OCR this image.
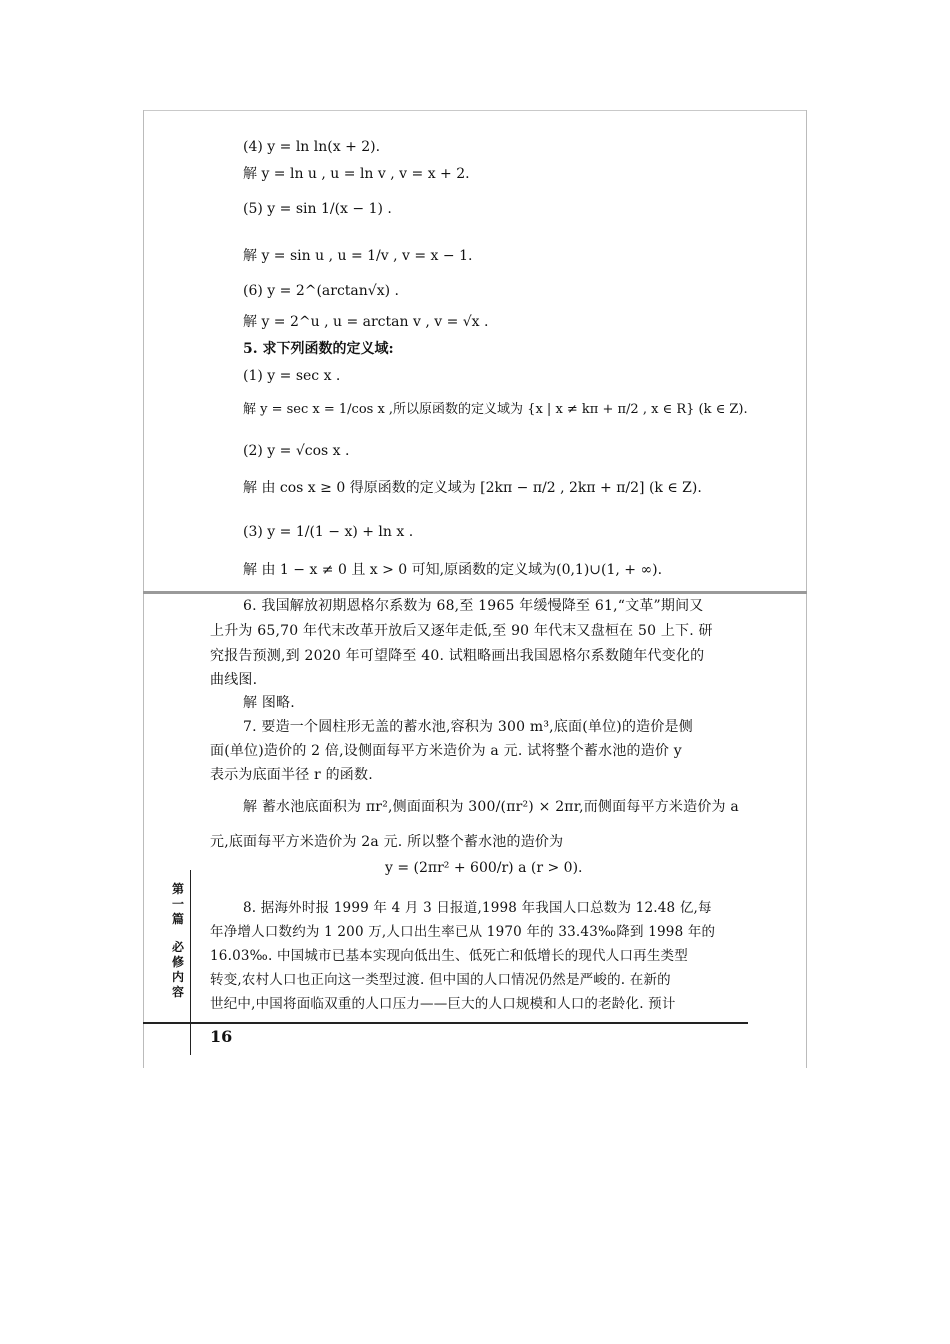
(4) y = ln ln(x + 2).
解 y = ln u , u = ln v , v = x + 2.
(5) y = sin 1/(x − 1) .
解 y = sin u , u = 1/v , v = x − 1.
(6) y = 2^(arctan√x) .
解 y = 2^u , u = arctan v , v = √x .
5. 求下列函数的定义域:
(1) y = sec x .
解 y = sec x = 1/cos x ,所以原函数的定义域为 {x | x ≠ kπ + π/2 , x ∈ R} (k ∈ Z).
(2) y = √cos x .
解 由 cos x ≥ 0 得原函数的定义域为 [2kπ − π/2 , 2kπ + π/2] (k ∈ Z).
(3) y = 1/(1 − x) + ln x .
解 由 1 − x ≠ 0 且 x > 0 可知,原函数的定义域为(0,1)∪(1, + ∞).
6. 我国解放初期恩格尔系数为 68,至 1965 年缓慢降至 61,“文革”期间又
上升为 65,70 年代末改革开放后又逐年走低,至 90 年代末又盘桓在 50 上下. 研
究报告预测,到 2020 年可望降至 40. 试粗略画出我国恩格尔系数随年代变化的
曲线图.
解 图略.
7. 要造一个圆柱形无盖的蓄水池,容积为 300 m³,底面(单位)的造价是侧
面(单位)造价的 2 倍,设侧面每平方米造价为 a 元. 试将整个蓄水池的造价 y
表示为底面半径 r 的函数.
解 蓄水池底面积为 πr²,侧面面积为 300/(πr²) × 2πr,而侧面每平方米造价为 a
元,底面每平方米造价为 2a 元. 所以整个蓄水池的造价为
y = (2πr² + 600/r) a (r > 0).
8. 据海外时报 1999 年 4 月 3 日报道,1998 年我国人口总数为 12.48 亿,每
年净增人口数约为 1 200 万,人口出生率已从 1970 年的 33.43‰降到 1998 年的
16.03‰. 中国城市已基本实现向低出生、低死亡和低增长的现代人口再生类型
转变,农村人口也正向这一类型过渡. 但中国的人口情况仍然是严峻的. 在新的
世纪中,中国将面临双重的人口压力——巨大的人口规模和人口的老龄化. 预计
第
一
篇
必
修
内
容
16
